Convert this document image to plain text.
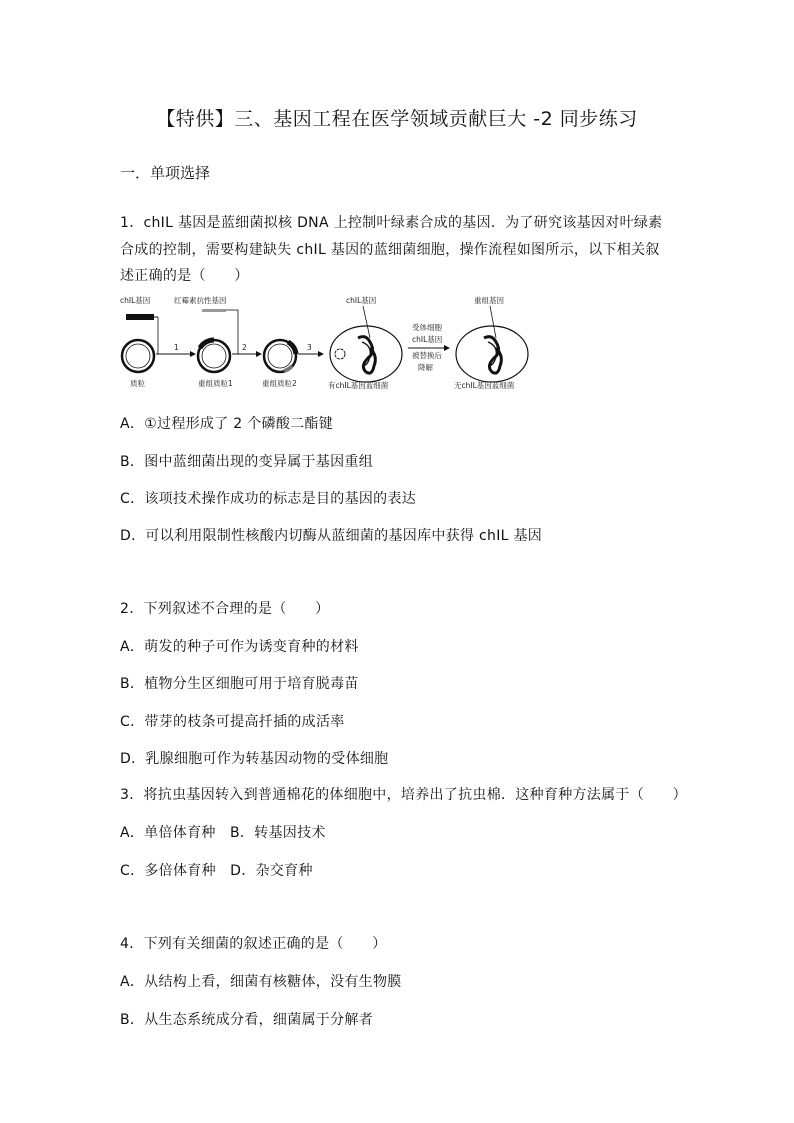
【特供】三、基因工程在医学领域贡献巨大 -2 同步练习
一．单项选择
1．chIL 基因是蓝细菌拟核 DNA 上控制叶绿素合成的基因．为了研究该基因对叶绿素
合成的控制，需要构建缺失 chIL 基因的蓝细菌细胞，操作流程如图所示，以下相关叙
述正确的是（　　）
chIL基因	红霉素抗性基因
质粒
1
重组质粒1
2
重组质粒2
3
chIL基因
有chIL基因蓝细菌
受体细胞
chIL基因
被替换后
降解
重组基因
无chIL基因蓝细菌
A．①过程形成了 2 个磷酸二酯键
B．图中蓝细菌出现的变异属于基因重组
C．该项技术操作成功的标志是目的基因的表达
D．可以利用限制性核酸内切酶从蓝细菌的基因库中获得 chIL 基因
2．下列叙述不合理的是（　　）
A．萌发的种子可作为诱变育种的材料
B．植物分生区细胞可用于培育脱毒苗
C．带芽的枝条可提高扦插的成活率
D．乳腺细胞可作为转基因动物的受体细胞
3．将抗虫基因转入到普通棉花的体细胞中，培养出了抗虫棉．这种育种方法属于（　　）
A．单倍体育种　B．转基因技术
C．多倍体育种　D．杂交育种
4．下列有关细菌的叙述正确的是（　　）
A．从结构上看，细菌有核糖体，没有生物膜
B．从生态系统成分看，细菌属于分解者
